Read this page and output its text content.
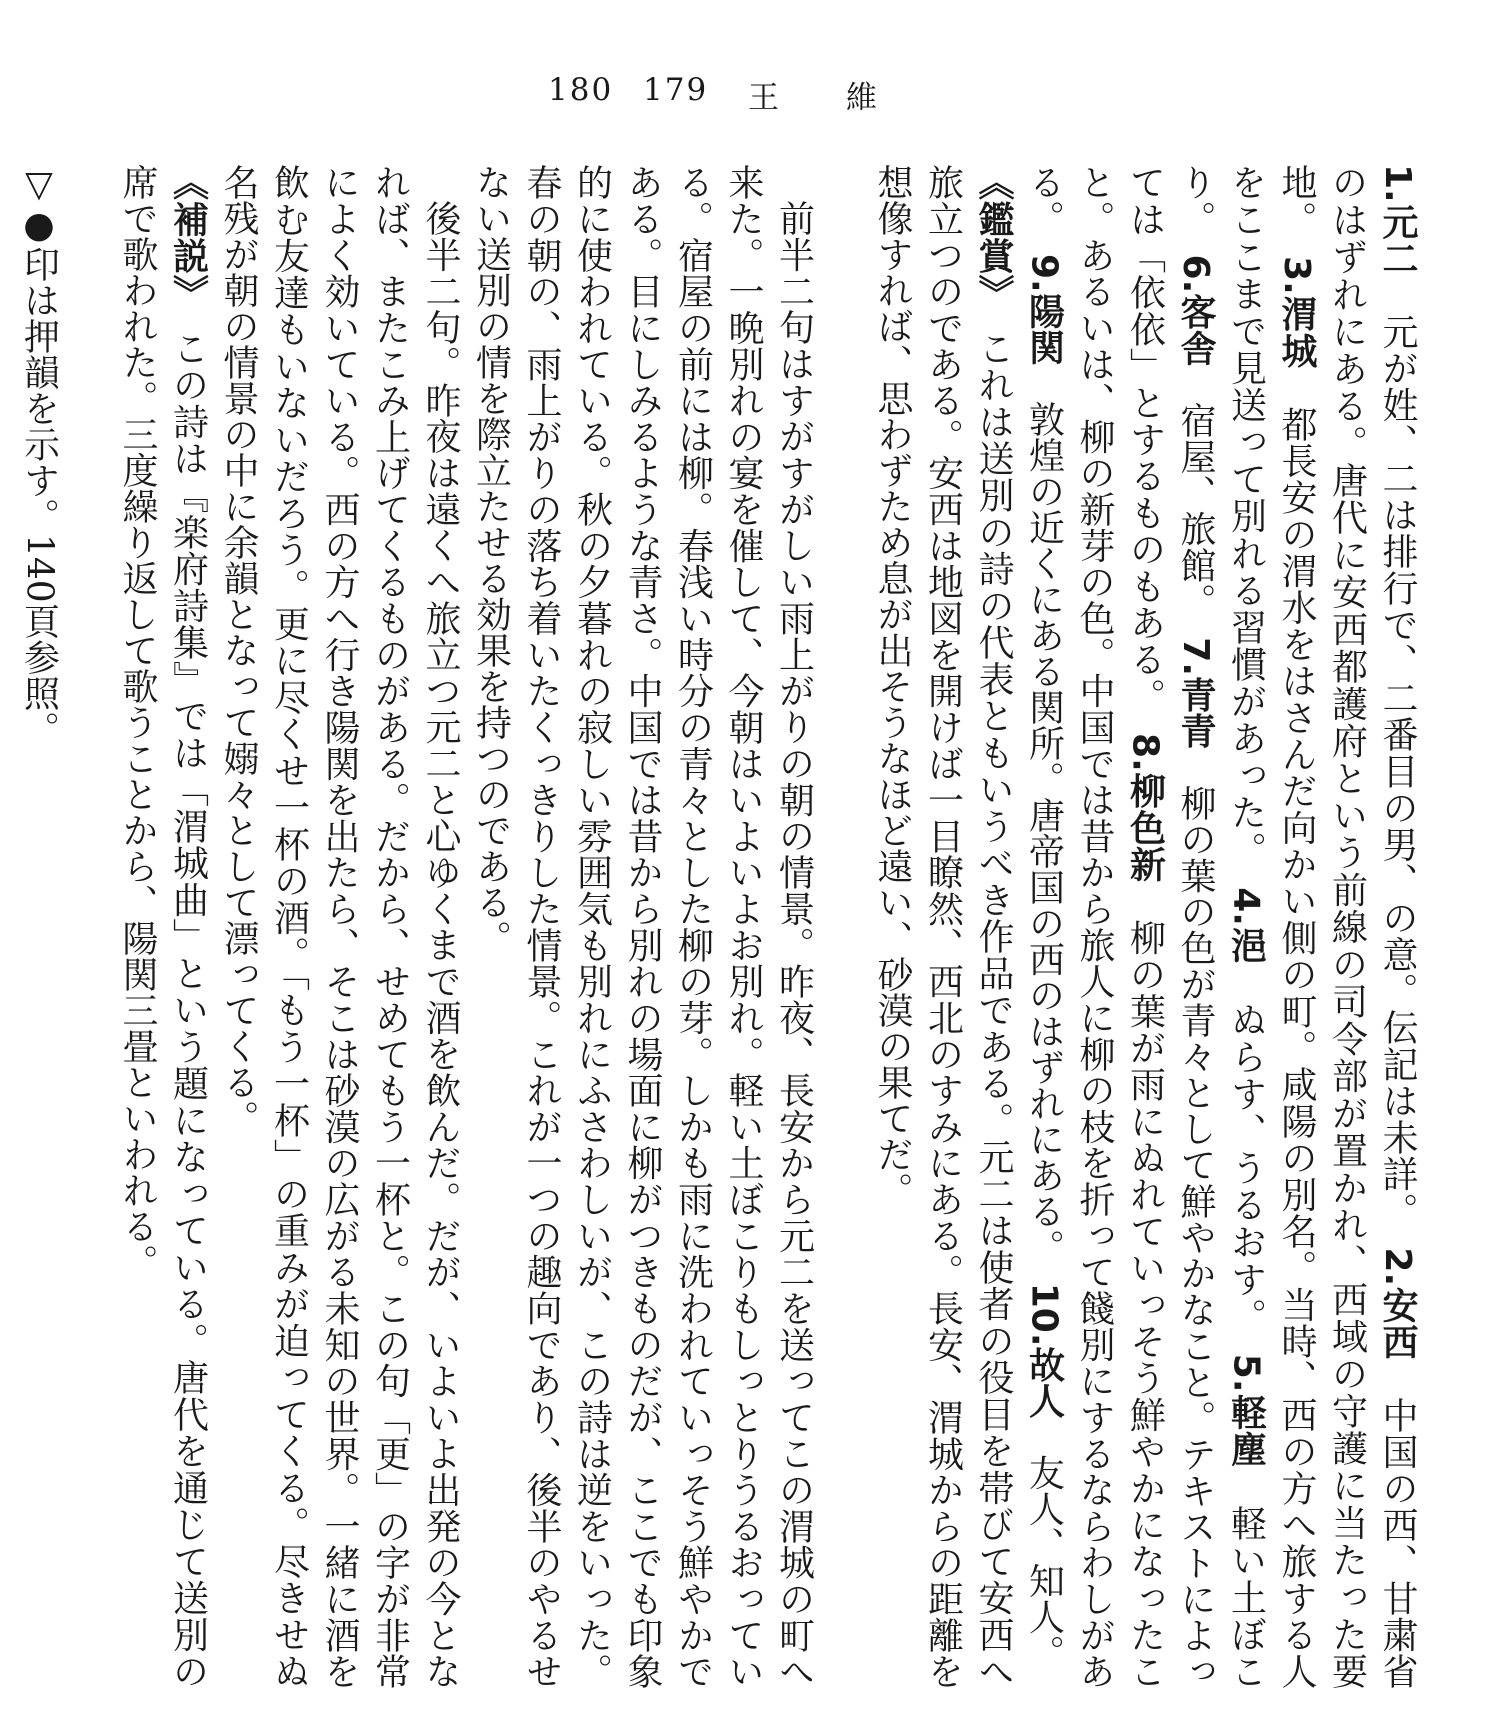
180 179 王　維

1.元二　元が姓、二は排行で、二番目の男、の意。伝記は未詳。　2.安西　中国の西、甘粛省のはずれにある。唐代に安西都護府という前線の司令部が置かれ、西域の守護に当たった要地。　3.渭城　都長安の渭水をはさんだ向かい側の町。咸陽の別名。当時、西の方へ旅する人をここまで見送って別れる習慣があった。　4.浥　ぬらす、うるおす。　5.軽塵　軽い土ぼこり。　6.客舎　宿屋、旅館。　7.青青　柳の葉の色が青々として鮮やかなこと。テキストによっては「依依」とするものもある。　8.柳色新　柳の葉が雨にぬれていっそう鮮やかになったこと。あるいは、柳の新芽の色。中国では昔から旅人に柳の枝を折って餞別にするならわしがある。　9.陽関　敦煌の近くにある関所。唐帝国の西のはずれにある。　10.故人　友人、知人。　

《鑑賞》　これは送別の詩の代表ともいうべき作品である。元二は使者の役目を帯びて安西へ旅立つのである。安西は地図を開けば一目瞭然、西北のすみにある。長安、渭城からの距離を想像すれば、思わずため息が出そうなほど遠い、砂漠の果てだ。

前半二句はすがすがしい雨上がりの朝の情景。昨夜、長安から元二を送ってこの渭城の町へ来た。一晩別れの宴を催して、今朝はいよいよお別れ。軽い土ぼこりもしっとりうるおっている。宿屋の前には柳。春浅い時分の青々とした柳の芽。しかも雨に洗われていっそう鮮やかである。目にしみるような青さ。中国では昔から別れの場面に柳がつきものだが、ここでも印象的に使われている。秋の夕暮れの寂しい雰囲気も別れにふさわしいが、この詩は逆をいった。春の朝の、雨上がりの落ち着いたくっきりした情景。これが一つの趣向であり、後半のやるせない送別の情を際立たせる効果を持つのである。

後半二句。昨夜は遠くへ旅立つ元二と心ゆくまで酒を飲んだ。だが、いよいよ出発の今となれば、またこみ上げてくるものがある。だから、せめてもう一杯と。この句「更」の字が非常によく効いている。西の方へ行き陽関を出たら、そこは砂漠の広がる未知の世界。一緒に酒を飲む友達もいないだろう。更に尽くせ一杯の酒。「もう一杯」の重みが迫ってくる。尽きせぬ名残が朝の情景の中に余韻となって嫋々として漂ってくる。

《補説》　この詩は『楽府詩集』では「渭城曲」という題になっている。唐代を通じて送別の席で歌われた。三度繰り返して歌うことから、陽関三畳といわれる。

▽●印は押韻を示す。140頁参照。
